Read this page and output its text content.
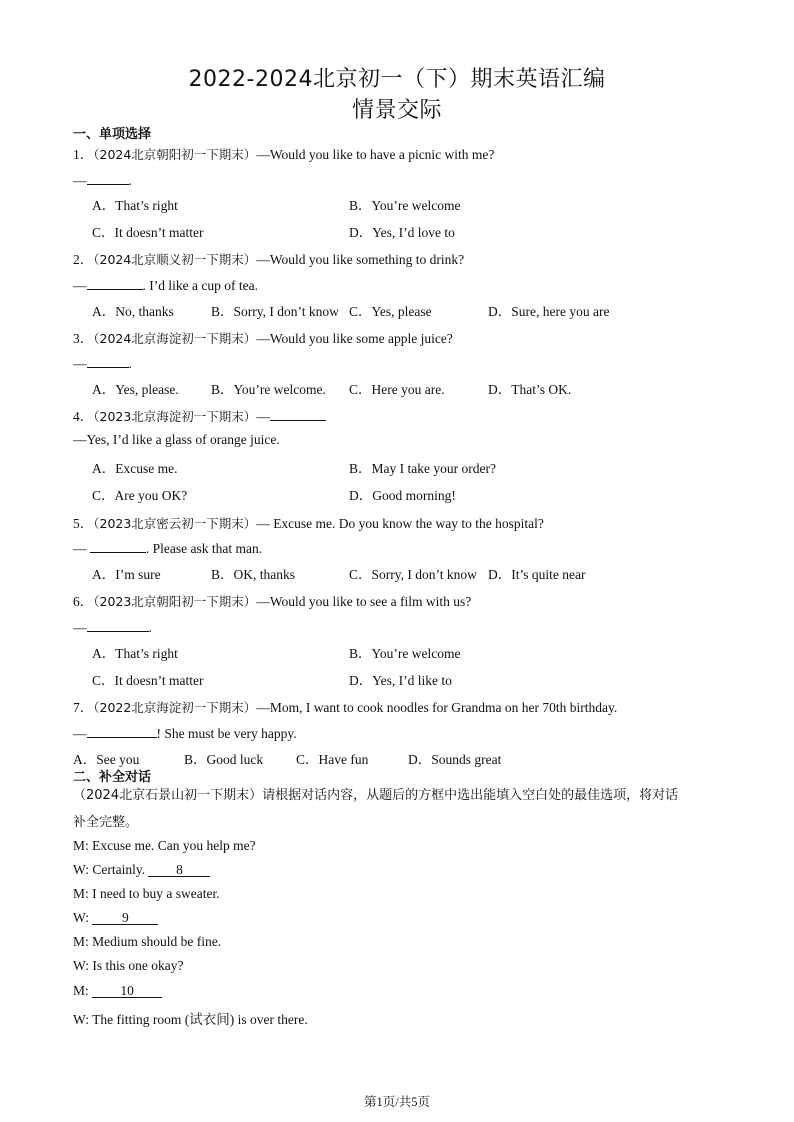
2022-2024北京初一（下）期末英语汇编
情景交际
一、单项选择
1．（2024北京朝阳初一下期末）—Would you like to have a picnic with me?
—	.
A．That’s right	B．You’re welcome
C．It doesn’t matter	D．Yes, I’d love to
2．（2024北京顺义初一下期末）—Would you like something to drink?
—	. I’d like a cup of tea.
A．No, thanks	B．Sorry, I don’t know C．Yes, please	D．Sure, here you are
3．（2024北京海淀初一下期末）—Would you like some apple juice?
—	.
A．Yes, please. B．You’re welcome. C．Here you are.	D．That’s OK.
4．（2023北京海淀初一下期末）—
—Yes, I’d like a glass of orange juice.
A．Excuse me.	B．May I take your order?
C．Are you OK?	D．Good morning!
5．（2023北京密云初一下期末）— Excuse me. Do you know the way to the hospital?
—	. Please ask that man.
A．I’m sure	B．OK, thanks	C．Sorry, I don’t know D．It’s quite near
6．（2023北京朝阳初一下期末）—Would you like to see a film with us?
—	.
A．That’s right	B．You’re welcome
C．It doesn’t matter	D．Yes, I’d like to
7．（2022北京海淀初一下期末）—Mom, I want to cook noodles for Grandma on her 70th birthday.
—	! She must be very happy.
A．See you	B．Good luck C．Have fun	D．Sounds great
二、补全对话
（2024北京石景山初一下期末）请根据对话内容，从题后的方框中选出能填入空白处的最佳选项，将对话
补全完整。
M: Excuse me. Can you help me?
W: Certainly. 8
M: I need to buy a sweater.
W: 9
M: Medium should be fine.
W: Is this one okay?
M: 10
W: The fitting room (试衣间) is over there.
第1页/共5页
